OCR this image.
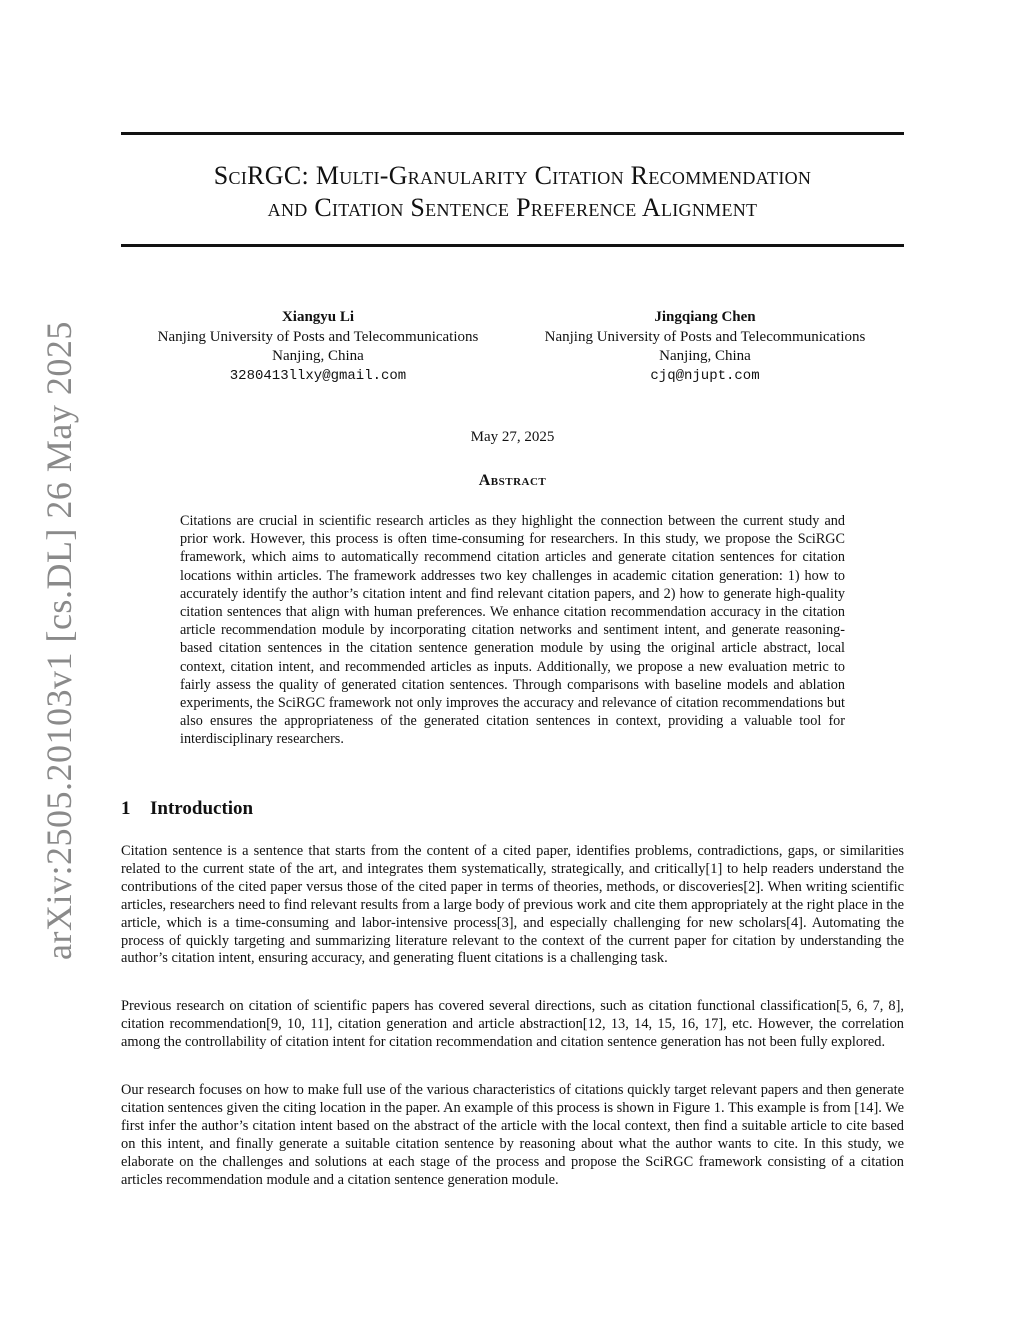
arXiv:2505.20103v1 [cs.DL] 26 May 2025
SciRGC: Multi-Granularity Citation Recommendation
and Citation Sentence Preference Alignment
Xiangyu Li
Nanjing University of Posts and Telecommunications
Nanjing, China
3280413llxy@gmail.com
Jingqiang Chen
Nanjing University of Posts and Telecommunications
Nanjing, China
cjq@njupt.com
May 27, 2025
Abstract

Citations are crucial in scientific research articles as they highlight the connection between the current study and prior work. However, this process is often time-consuming for researchers. In this study, we propose the SciRGC framework, which aims to automatically recommend citation articles and generate citation sentences for citation locations within articles. The framework addresses two key challenges in academic citation generation: 1) how to accurately identify the author’s citation intent and find relevant citation papers, and 2) how to generate high-quality citation sentences that align with human preferences. We enhance citation recommendation accuracy in the citation article recommendation module by incorporating citation networks and sentiment intent, and generate reasoning-based citation sentences in the citation sentence generation module by using the original article abstract, local context, citation intent, and recommended articles as inputs. Additionally, we propose a new evaluation metric to fairly assess the quality of generated citation sentences. Through comparisons with baseline models and ablation experiments, the SciRGC framework not only improves the accuracy and relevance of citation recommendations but also ensures the appropriateness of the generated citation sentences in context, providing a valuable tool for interdisciplinary researchers.

1 Introduction

Citation sentence is a sentence that starts from the content of a cited paper, identifies problems, contradictions, gaps, or similarities related to the current state of the art, and integrates them systematically, strategically, and critically[1] to help readers understand the contributions of the cited paper versus those of the cited paper in terms of theories, methods, or discoveries[2]. When writing scientific articles, researchers need to find relevant results from a large body of previous work and cite them appropriately at the right place in the article, which is a time-consuming and labor-intensive process[3], and especially challenging for new scholars[4]. Automating the process of quickly targeting and summarizing literature relevant to the context of the current paper for citation by understanding the author’s citation intent, ensuring accuracy, and generating fluent citations is a challenging task.

Previous research on citation of scientific papers has covered several directions, such as citation functional classification[5, 6, 7, 8], citation recommendation[9, 10, 11], citation generation and article abstraction[12, 13, 14, 15, 16, 17], etc. However, the correlation among the controllability of citation intent for citation recommendation and citation sentence generation has not been fully explored.

Our research focuses on how to make full use of the various characteristics of citations quickly target relevant papers and then generate citation sentences given the citing location in the paper. An example of this process is shown in Figure 1. This example is from [14]. We first infer the author’s citation intent based on the abstract of the article with the local context, then find a suitable article to cite based on this intent, and finally generate a suitable citation sentence by reasoning about what the author wants to cite. In this study, we elaborate on the challenges and solutions at each stage of the process and propose the SciRGC framework consisting of a citation articles recommendation module and a citation sentence generation module.
